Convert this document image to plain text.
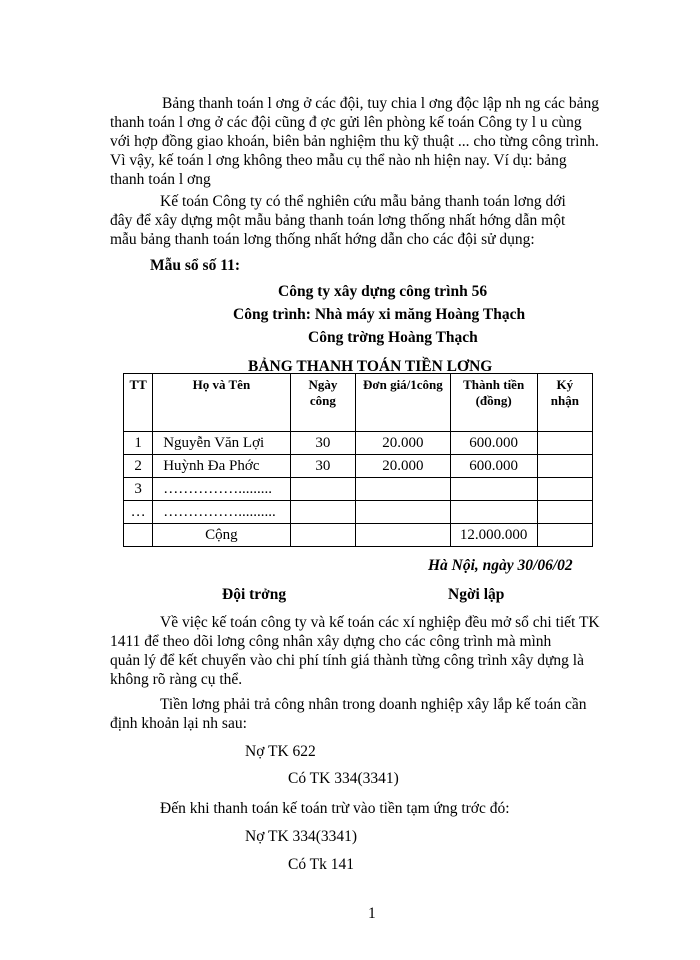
Bảng thanh toán l ơng ở các đội, tuy chia l ơng độc lập nh ng các bảng
thanh toán l ơng ở các đội cũng đ ợc gửi lên phòng kế toán Công ty l u cùng
với hợp đồng giao khoán, biên bản nghiệm thu kỹ thuật ... cho từng công trình.
Vì vậy, kế toán l ơng không theo mẫu cụ thể nào nh hiện nay. Ví dụ: bảng
thanh toán l ơng

Kế toán Công ty có thể nghiên cứu mẫu bảng thanh toán lơng dới
đây để xây dựng một mẫu bảng thanh toán lơng thống nhất hớng dẫn một
mẫu bảng thanh toán lơng thống nhất hớng dẫn cho các đội sử dụng:

Mẫu sổ số 11:
Công ty xây dựng công trình 56
Công trình: Nhà máy xi măng Hoàng Thạch
Công trờng Hoàng Thạch
BẢNG THANH TOÁN TIỀN LƠNG
TT	Họ và Tên	Ngày công	Đơn giá/1công	Thành tiền (đồng)	Ký nhận
1	Nguyễn Văn Lợi	30	20.000	600.000	
2	Huỳnh Đa Phớc	30	20.000	600.000	
3	…………….........				
…	……………..........				
	Cộng			12.000.000	
Hà Nội, ngày 30/06/02
Đội trởng	Ngời lập

Về việc kế toán công ty và kế toán các xí nghiệp đều mở sổ chi tiết TK
1411 để theo dõi lơng công nhân xây dựng cho các công trình mà mình
quản lý để kết chuyển vào chi phí tính giá thành từng công trình xây dựng là
không rõ ràng cụ thể.

Tiền lơng phải trả công nhân trong doanh nghiệp xây lắp kế toán cần
định khoản lại nh sau:

Nợ TK 622
Có TK 334(3341)
Đến khi thanh toán kế toán trừ vào tiền tạm ứng trớc đó:
Nợ TK 334(3341)
Có Tk 141
1
